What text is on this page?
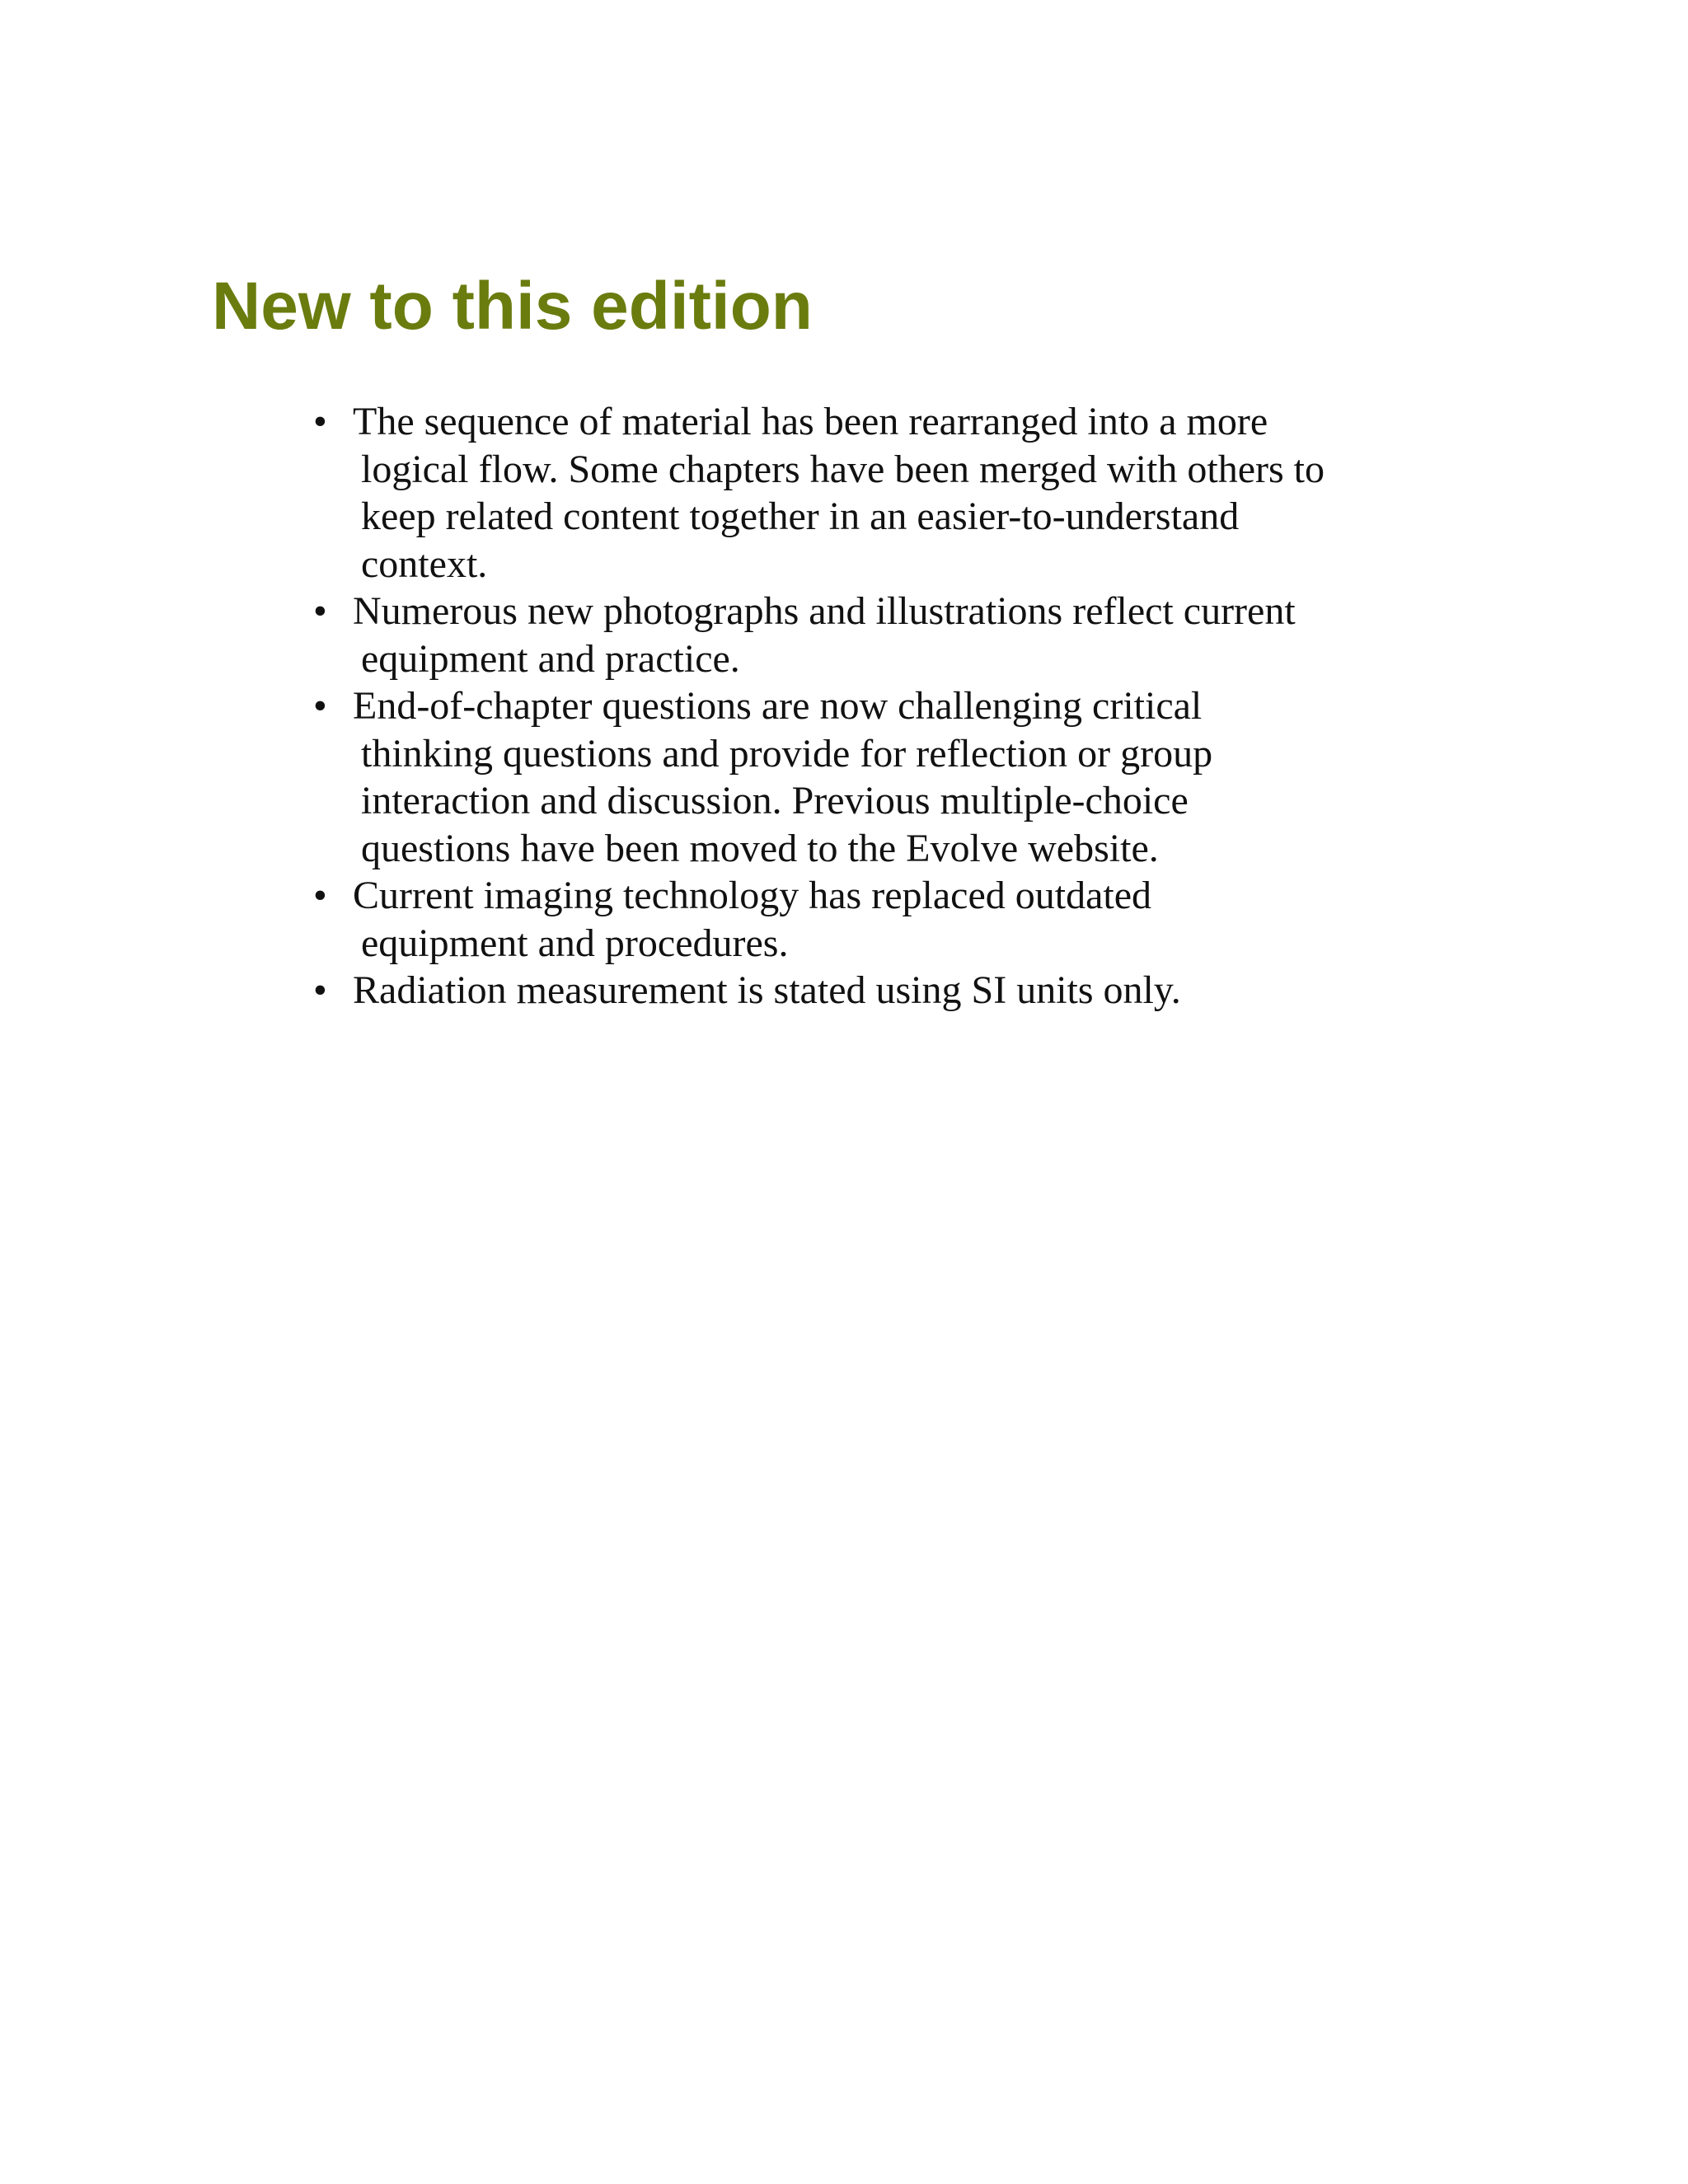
New to this edition
• The sequence of material has been rearranged into a more
logical flow. Some chapters have been merged with others to
keep related content together in an easier-to-understand
context.
• Numerous new photographs and illustrations reflect current
equipment and practice.
• End-of-chapter questions are now challenging critical
thinking questions and provide for reflection or group
interaction and discussion. Previous multiple-choice
questions have been moved to the Evolve website.
• Current imaging technology has replaced outdated
equipment and procedures.
• Radiation measurement is stated using SI units only.
